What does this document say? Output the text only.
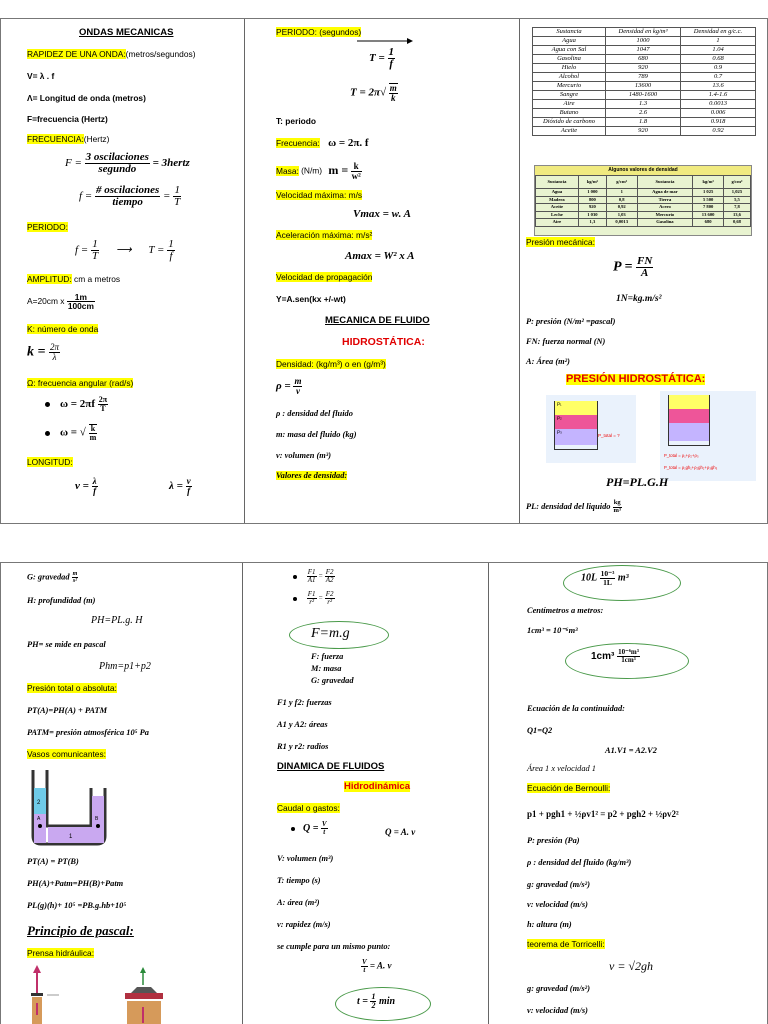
ONDAS MECANICAS
RAPIDEZ DE UNA ONDA:(metros/segundos)
V= λ . f
Λ= Longitud de onda (metros)
F=frecuencia (Hertz)
FRECUENCIA:(Hertz)
$F = \frac{\text{3 oscilaciones}}{\text{segundo}}$ = 3hertz
$f = \frac{\text{\# oscilaciones}}{\text{tiempo}} = \frac{1}{T}$
PERIODO:
$f = \frac{1}{T}$ ⟶ $T = \frac{1}{f}$
AMPLITUD: cm a metros
A=20cm x $\frac{1m}{100cm}$
K: número de onda
$k = \frac{2\pi}{\lambda}$
Ω: frecuencia angular (rad/s)
$\omega = 2\pi f \frac{2\pi}{T}$
ω = √ $\frac{k}{m}$
LONGITUD:
$v = \frac{\lambda}{f}$	$\lambda = \frac{v}{f}$
PERIODO: (segundos)
$T = \frac{1}{f}$
$T = 2\pi√ \frac{m}{k}$
T: periodo
Frecuencia: ω = 2π. f
Masa: (N/m) $m = \frac{k}{\text{w²}}$
Velocidad máxima: m/s
Vmax = w. A
Aceleración máxima: m/s²
Amax = W² x A
Velocidad de propagación
Y=A.sen(kx +/-wt)
MECANICA DE FLUIDO
HIDROSTÁTICA:
Densidad: (kg/m³) o en (g/m³)
$\rho = \frac{m}{v}$
ρ : densidad del fluido
m: masa del fluido (kg)
v: volumen (m³)
Valores de densidad:
Sustancia	Densidad en kg/m³	Densidad en g/c.c.
Agua	1000	1
Agua con Sal	1047	1.04
Gasolina	680	0.68
Hielo	920	0.9
Alcohol	789	0.7
Mercurio	13600	13.6
Sangre	1480-1600	1.4-1.6
Aire	1.3	0.0013
Butano	2.6	0.006
Dióxido de carbono	1.8	0.918
Aceite	920	0.92
Algunos valores de densidad
Sustancia	kg/m³	g/cm³	Sustancia	kg/m³	g/cm³
Agua	1 000	1	Agua de mar	1 025	1,025
Madera	800	0,8	Tierra	5 500	5,5
Aceite	920	0,92	Acero	7 800	7,8
Leche	1 030	1,03	Mercurio	13 600	13,6
Aire	1,3	0,0013	Gasolina	680	0,68
Presión mecánica:
$P = \frac{FN}{A}$
1N=kg.m/s²
P: presión (N/m² =pascal)
FN: fuerza normal (N)
A: Área (m²)
PRESIÓN HIDROSTÁTICA:
ρ₁
ρ₂
ρ₃
P_total = ?
P_total = ρ₁+ρ₂+ρ₃
P_total = ρ₁gh₁+ρ₂gh₂+ρ₃gh₃
PH=PL.G.H
PL: densidad del liquido $\frac{kg}{\text{m³}}$
G: gravedad $\frac{m}{\text{s²}}$
H: profundidad (m)
PH=PL.g. H
PH= se mide en pascal
Phm=p1+p2
Presión total o absoluta:
PT(A)=PH(A) + PATM
PATM= presión atmosférica 10⁵ Pa
Vasos comunicantes:
2
1
A	B
PT(A) = PT(B)
PH(A)+Patm=PH(B)+Patm
PL(g)(h)+ 10⁵ =PB.g.hb+10⁵
Principio de pascal:
Prensa hidráulica:

$\frac{F1}{A1} = \frac{F2}{A2}$

$\frac{F1}{\text{r²}} = \frac{F2}{\text{r²}}$
F=m.g
F: fuerza
M: masa
G: gravedad
F1 y f2: fuerzas
A1 y A2: áreas
R1 y r2: radios
DINAMICA DE FLUIDOS
Hidrodinámica
Caudal o gastos:
$Q = \frac{V}{t}$	Q = A. v
V: volumen (m³)
T: tiempo (s)
A: área (m²)
v: rapidez (m/s)
se cumple para un mismo punto:
$\frac{V}{t} = A$. v
$t = \frac{1}{2}$ min
$10L \frac{\text{10⁻³}}{1L} m^3$
Centímetros a metros:
1cm³ = 10⁻⁶m³
$1cm^3 \frac{\text{10⁻⁶m³}}{\text{1cm³}}$
Ecuación de la continuidad:
Q1=Q2
A1.V1 = A2.V2
Área 1 x velocidad 1
Ecuación de Bernoulli:
p1 + pgh1 + ½ρv1² = p2 + pgh2 + ½ρv2²
P: presión (Pa)
ρ : densidad del fluido (kg/m³)
g: gravedad (m/s²)
v: velocidad (m/s)
h: altura (m)
teorema de Torricelli:
v = √2gh
g: gravedad (m/s²)
v: velocidad (m/s)
